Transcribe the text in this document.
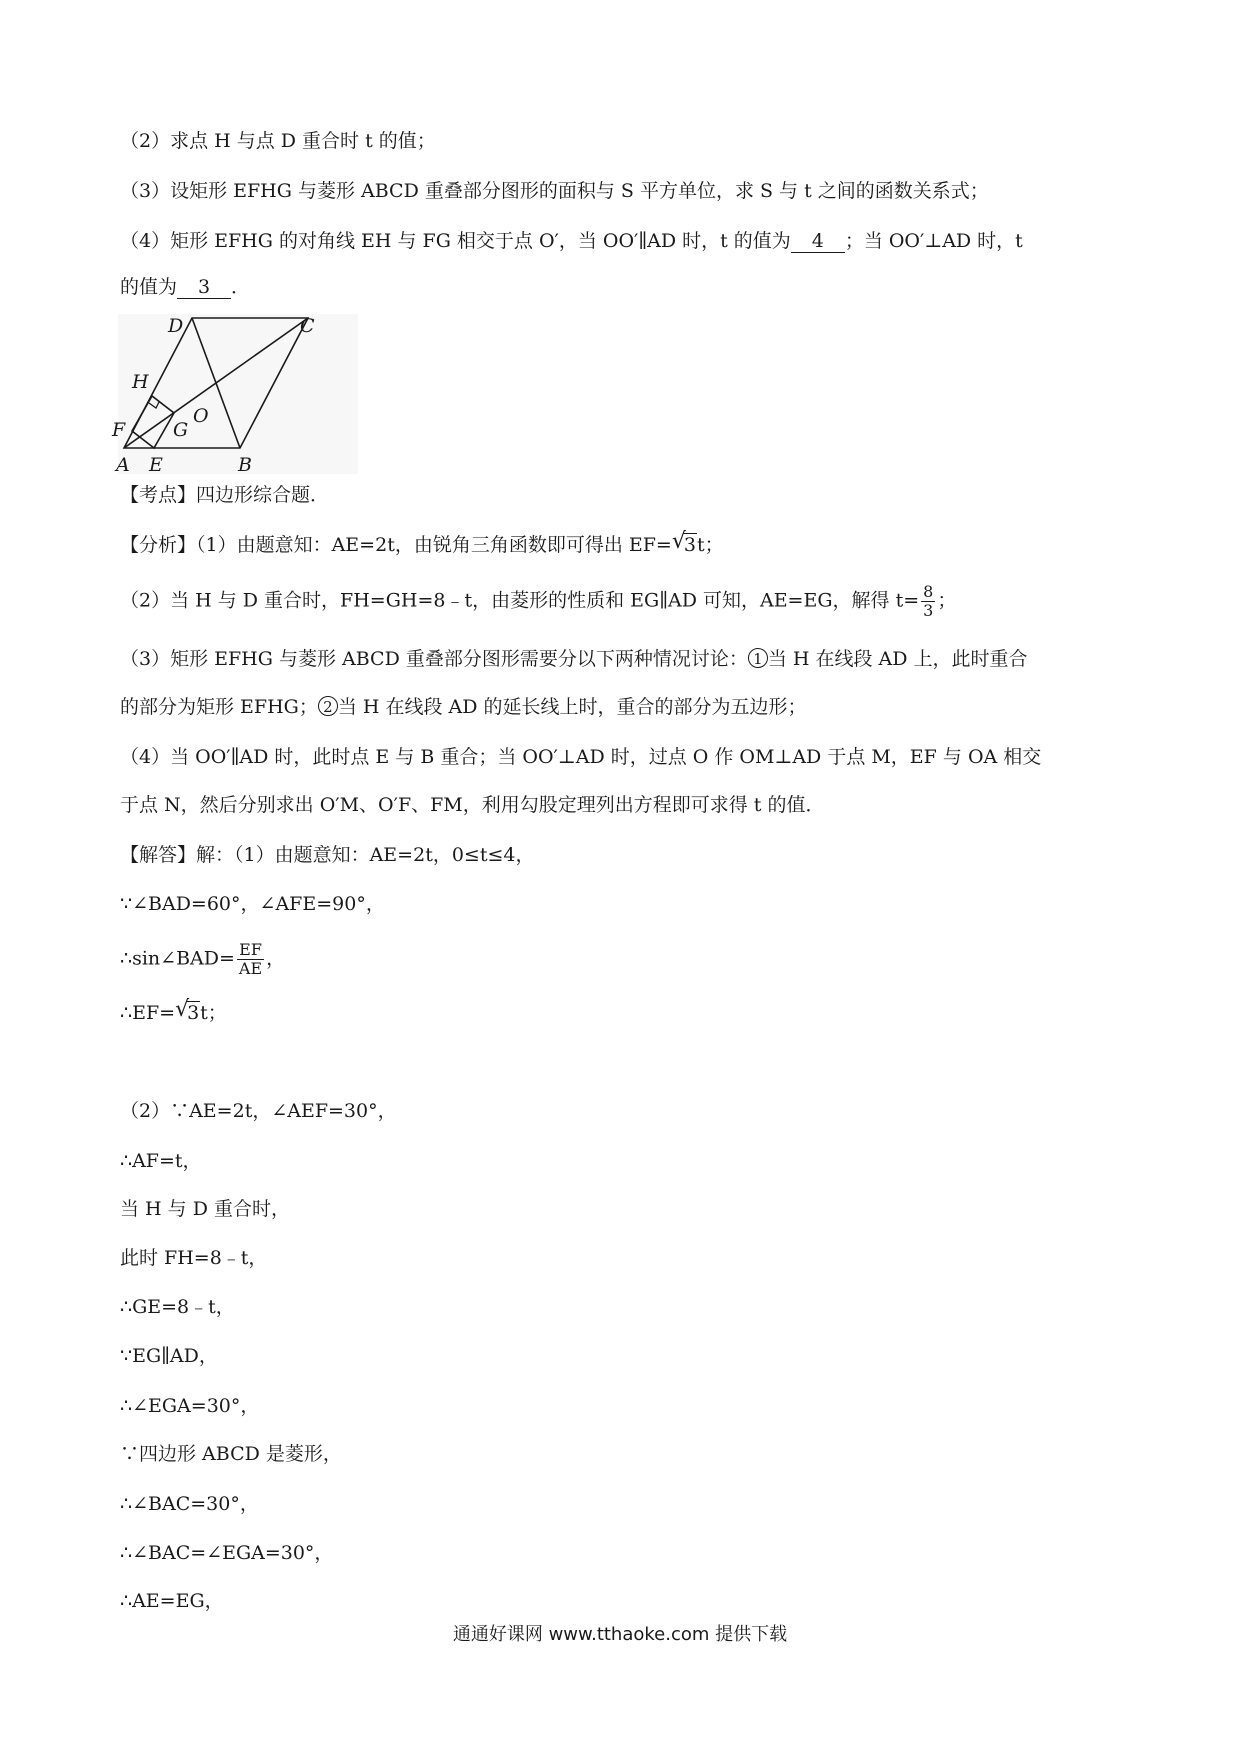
（2）求点 H 与点 D 重合时 t 的值；
（3）设矩形 EFHG 与菱形 ABCD 重叠部分图形的面积与 S 平方单位，求 S 与 t 之间的函数关系式；
（4）矩形 EFHG 的对角线 EH 与 FG 相交于点 O′，当 OO′∥AD 时，t 的值为 4 ；当 OO′⊥AD 时，t
的值为 3 ．
A	B
C
D
E
F	G
H
O
【考点】四边形综合题．
【分析】（1）由题意知：AE=2t，由锐角三角函数即可得出 EF= √
3t；
（2）当 H 与 D 重合时，FH=GH=8﹣t，由菱形的性质和 EG∥AD 可知，AE=EG，解得 $t= \frac{8}{3}$ ；
（3）矩形 EFHG 与菱形 ABCD 重叠部分图形需要分以下两种情况讨论： 1 当 H 在线段 AD 上，此时重合
的部分为矩形 EFHG； 2 当 H 在线段 AD 的延长线上时，重合的部分为五边形；
（4）当 OO′∥AD 时，此时点 E 与 B 重合；当 OO′⊥AD 时，过点 O 作 OM⊥AD 于点 M，EF 与 OA 相交
于点 N，然后分别求出 O′M、O′F、FM，利用勾股定理列出方程即可求得 t 的值．
【解答】解：（1）由题意知：AE=2t，0≤t≤4，
∵∠BAD=60°，∠AFE=90°，
∴sin∠BAD= $\frac{EF}{AE}$ ，
∴EF= √
3t；
（2）∵AE=2t，∠AEF=30°，
∴AF=t，
当 H 与 D 重合时，
此时 FH=8﹣t，
∴GE=8﹣t，
∵EG∥AD，
∴∠EGA=30°，
∵四边形 ABCD 是菱形，
∴∠BAC=30°，
∴∠BAC=∠EGA=30°，
∴AE=EG，
通通好课网 www.tthaoke.com 提供下载
